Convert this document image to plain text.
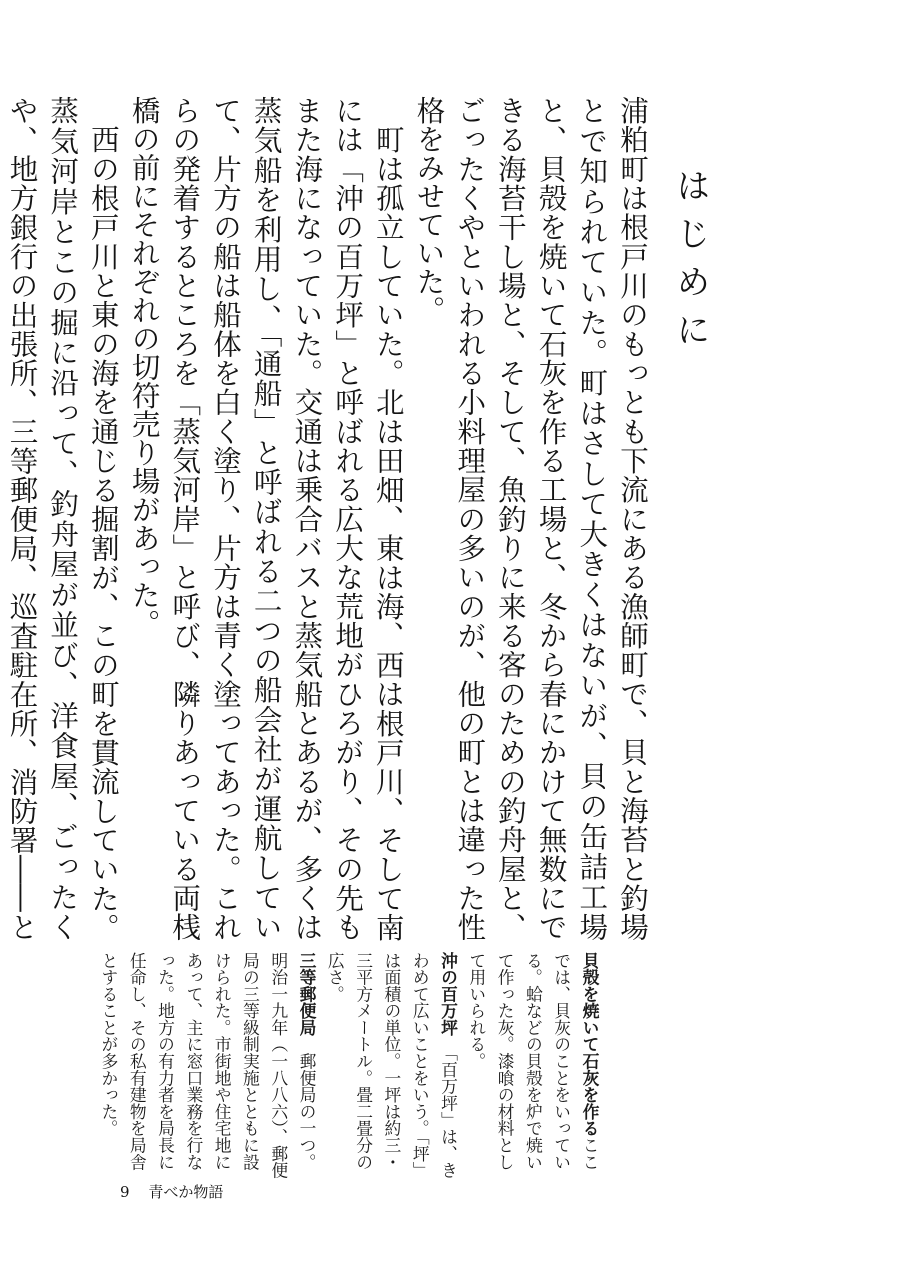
はじめに

浦粕町は根戸川のもっとも下流にある漁師町で、貝と海苔と釣場とで知られていた。町はさして大きくはないが、貝の缶詰工場と、貝殻を焼いて石灰を作る工場と、冬から春にかけて無数にできる海苔干し場と、そして、魚釣りに来る客のための釣舟屋と、ごったくやといわれる小料理屋の多いのが、他の町とは違った性格をみせていた。

町は孤立していた。北は田畑、東は海、西は根戸川、そして南には「沖の百万坪」と呼ばれる広大な荒地がひろがり、その先もまた海になっていた。交通は乗合バスと蒸気船とあるが、多くは蒸気船を利用し、「通船」と呼ばれる二つの船会社が運航していて、片方の船は船体を白く塗り、片方は青く塗ってあった。これらの発着するところを「蒸気河岸」と呼び、隣りあっている両桟橋の前にそれぞれの切符売り場があった。

西の根戸川と東の海を通じる掘割が、この町を貫流していた。蒸気河岸とこの掘に沿って、釣舟屋が並び、洋食屋、ごったくや、地方銀行の出張所、三等郵便局、巡査駐在所、消防署――と

貝殻を焼いて石灰を作るここでは、貝灰のことをいっている。蛤などの貝殻を炉で焼いて作った灰。漆喰の材料として用いられる。

沖の百万坪　「百万坪」は、きわめて広いことをいう。「坪」は面積の単位。一坪は約三・三平方メートル。畳二畳分の広さ。

三等郵便局　郵便局の一つ。明治一九年（一八八六）、郵便局の三等級制実施とともに設けられた。市街地や住宅地にあって、主に窓口業務を行なった。地方の有力者を局長に任命し、その私有建物を局舎とすることが多かった。

9 青べか物語
